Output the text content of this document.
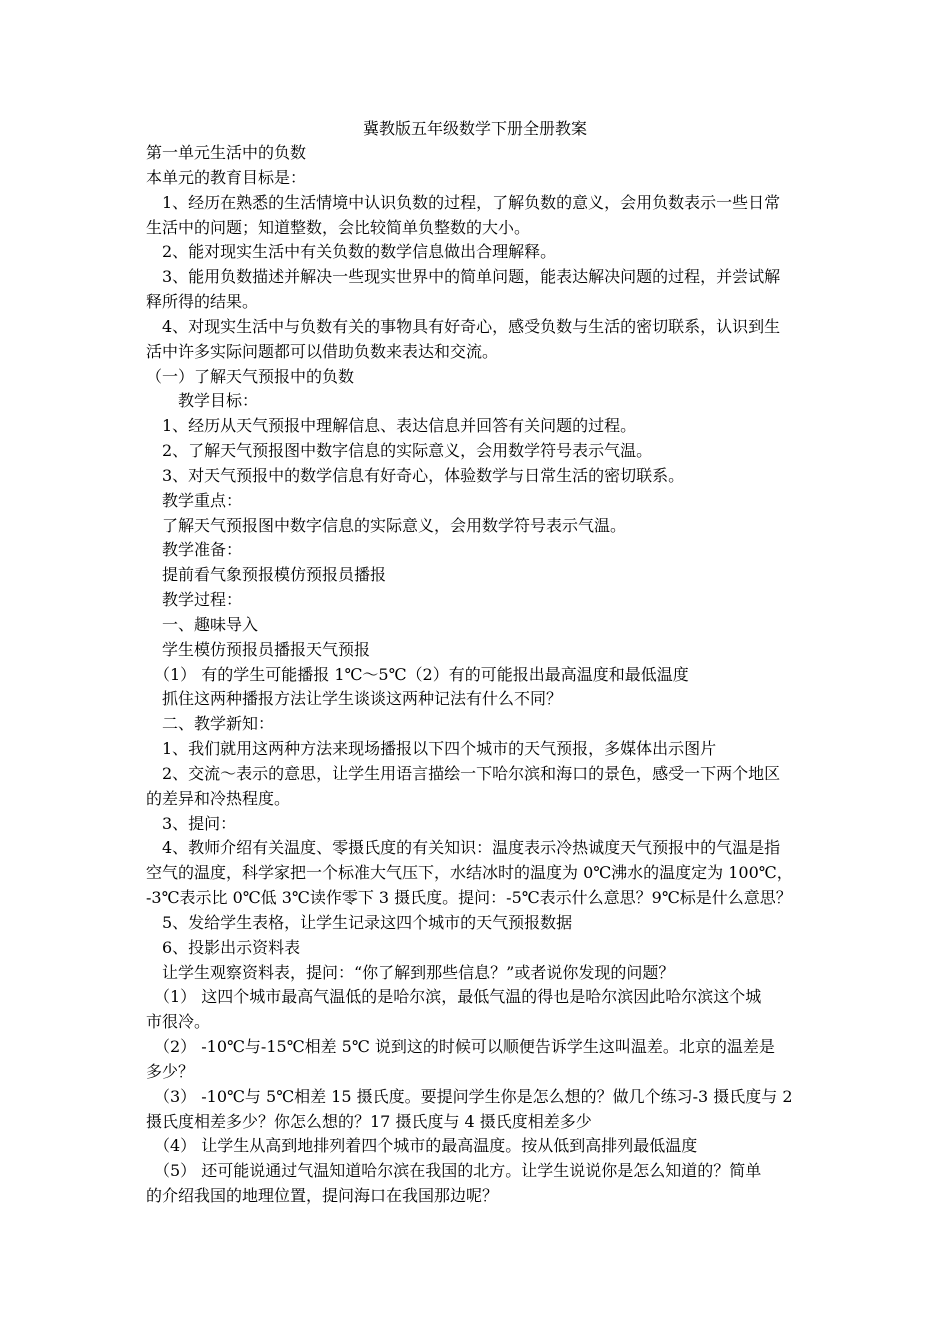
冀教版五年级数学下册全册教案
第一单元生活中的负数
本单元的教育目标是：
　1、经历在熟悉的生活情境中认识负数的过程，了解负数的意义，会用负数表示一些日常
生活中的问题；知道整数，会比较简单负整数的大小。
　2、能对现实生活中有关负数的数学信息做出合理解释。
　3、能用负数描述并解决一些现实世界中的简单问题，能表达解决问题的过程，并尝试解
释所得的结果。
　4、对现实生活中与负数有关的事物具有好奇心，感受负数与生活的密切联系，认识到生
活中许多实际问题都可以借助负数来表达和交流。
（一）了解天气预报中的负数
　　教学目标：
　1、经历从天气预报中理解信息、表达信息并回答有关问题的过程。
　2、了解天气预报图中数字信息的实际意义，会用数学符号表示气温。
　3、对天气预报中的数学信息有好奇心，体验数学与日常生活的密切联系。
　教学重点：
　了解天气预报图中数字信息的实际意义，会用数学符号表示气温。
　教学准备：
　提前看气象预报模仿预报员播报
　教学过程：
　一、趣味导入
　学生模仿预报员播报天气预报
　（1） 有的学生可能播报 1℃～5℃（2）有的可能报出最高温度和最低温度
　抓住这两种播报方法让学生谈谈这两种记法有什么不同？
　二、教学新知：
　1、我们就用这两种方法来现场播报以下四个城市的天气预报，多媒体出示图片
　2、交流～表示的意思，让学生用语言描绘一下哈尔滨和海口的景色，感受一下两个地区
的差异和冷热程度。
　3、提问：
　4、教师介绍有关温度、零摄氏度的有关知识：温度表示冷热诚度天气预报中的气温是指
空气的温度，科学家把一个标准大气压下，水结冰时的温度为 0℃沸水的温度定为 100℃，
-3℃表示比 0℃低 3℃读作零下 3 摄氏度。提问：-5℃表示什么意思？9℃标是什么意思？
　5、发给学生表格，让学生记录这四个城市的天气预报数据
　6、投影出示资料表
　让学生观察资料表，提问：“你了解到那些信息？”或者说你发现的问题？
　（1） 这四个城市最高气温低的是哈尔滨，最低气温的得也是哈尔滨因此哈尔滨这个城
市很冷。
　（2） -10℃与-15℃相差 5℃ 说到这的时候可以顺便告诉学生这叫温差。北京的温差是
多少？
　（3） -10℃与 5℃相差 15 摄氏度。要提问学生你是怎么想的？做几个练习-3 摄氏度与 2
摄氏度相差多少？你怎么想的？17 摄氏度与 4 摄氏度相差多少
　（4） 让学生从高到地排列着四个城市的最高温度。按从低到高排列最低温度
　（5） 还可能说通过气温知道哈尔滨在我国的北方。让学生说说你是怎么知道的？简单
的介绍我国的地理位置，提问海口在我国那边呢？
